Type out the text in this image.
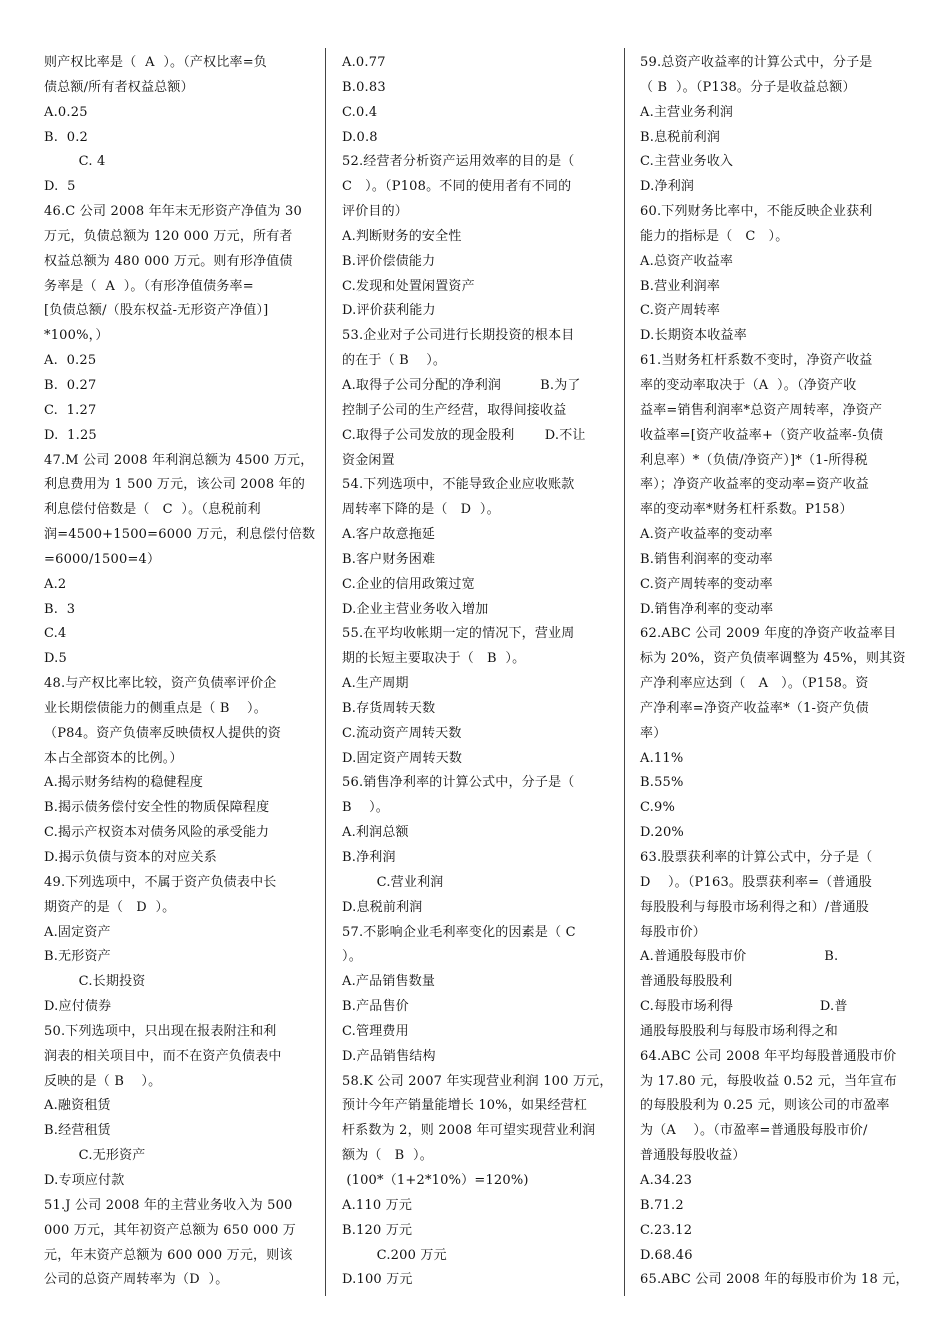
则产权比率是（  A  ）。（产权比率=负
债总额/所有者权益总额）
A.0.25
B.  0.2
C. 4
D.  5
46.C 公司 2008 年年末无形资产净值为 30
万元，负债总额为 120 000 万元，所有者
权益总额为 480 000 万元。则有形净值债
务率是（  A  ）。（有形净值债务率=
[负债总额/（股东权益-无形资产净值）]
*100%，）
A.  0.25
B.  0.27
C.  1.27
D.  1.25
47.M 公司 2008 年利润总额为 4500 万元，
利息费用为 1 500 万元，该公司 2008 年的
利息偿付倍数是（   C  ）。（息税前利
润=4500+1500=6000 万元，利息偿付倍数
=6000/1500=4）
A.2
B.  3
C.4
D.5
48.与产权比率比较，资产负债率评价企
业长期偿债能力的侧重点是（ B    ）。
（P84。资产负债率反映债权人提供的资
本占全部资本的比例。）
A.揭示财务结构的稳健程度
B.揭示债务偿付安全性的物质保障程度
C.揭示产权资本对债务风险的承受能力
D.揭示负债与资本的对应关系
49.下列选项中，不属于资产负债表中长
期资产的是（   D  ）。
A.固定资产
B.无形资产
C.长期投资
D.应付债券
50.下列选项中，只出现在报表附注和利
润表的相关项目中，而不在资产负债表中
反映的是（ B    ）。
A.融资租赁
B.经营租赁
C.无形资产
D.专项应付款
51.J 公司 2008 年的主营业务收入为 500
000 万元，其年初资产总额为 650 000 万
元，年末资产总额为 600 000 万元，则该
公司的总资产周转率为（D  ）。
A.0.77
B.0.83
C.0.4
D.0.8
52.经营者分析资产运用效率的目的是（
C   ）。（P108。不同的使用者有不同的
评价目的）
A.判断财务的安全性
B.评价偿债能力
C.发现和处置闲置资产
D.评价获利能力
53.企业对子公司进行长期投资的根本目
的在于（ B    ）。
A.取得子公司分配的净利润         B.为了
控制子公司的生产经营，取得间接收益
C.取得子公司发放的现金股利       D.不让
资金闲置
54.下列选项中，不能导致企业应收账款
周转率下降的是（   D  ）。
A.客户故意拖延
B.客户财务困难
C.企业的信用政策过宽
D.企业主营业务收入增加
55.在平均收帐期一定的情况下，营业周
期的长短主要取决于（   B  ）。
A.生产周期
B.存货周转天数
C.流动资产周转天数
D.固定资产周转天数
56.销售净利率的计算公式中，分子是（
B    ）。
A.利润总额
B.净利润
C.营业利润
D.息税前利润
57.不影响企业毛利率变化的因素是（ C
）。
A.产品销售数量
B.产品售价
C.管理费用
D.产品销售结构
58.K 公司 2007 年实现营业利润 100 万元，
预计今年产销量能增长 10%，如果经营杠
杆系数为 2，则 2008 年可望实现营业利润
额为（   B  ）。
(100*（1+2*10%）=120%)
A.110 万元
B.120 万元
C.200 万元
D.100 万元
59.总资产收益率的计算公式中，分子是
（ B  ）。（P138。分子是收益总额）
A.主营业务利润
B.息税前利润
C.主营业务收入
D.净利润
60.下列财务比率中，不能反映企业获利
能力的指标是（   C   ）。
A.总资产收益率
B.营业利润率
C.资产周转率
D.长期资本收益率
61.当财务杠杆系数不变时，净资产收益
率的变动率取决于（A  ）。（净资产收
益率=销售利润率*总资产周转率，净资产
收益率=[资产收益率+（资产收益率-负债
利息率）*（负债/净资产）]*（1-所得税
率）；净资产收益率的变动率=资产收益
率的变动率*财务杠杆系数。P158）
A.资产收益率的变动率
B.销售利润率的变动率
C.资产周转率的变动率
D.销售净利率的变动率
62.ABC 公司 2009 年度的净资产收益率目
标为 20%，资产负债率调整为 45%，则其资
产净利率应达到（   A   ）。（P158。资
产净利率=净资产收益率*（1-资产负债
率）
A.11%
B.55%
C.9%
D.20%
63.股票获利率的计算公式中，分子是（
D    ）。（P163。股票获利率=（普通股
每股股利与每股市场利得之和）/普通股
每股市价）
A.普通股每股市价                  B.
普通股每股股利
C.每股市场利得                    D.普
通股每股股利与每股市场利得之和
64.ABC 公司 2008 年平均每股普通股市价
为 17.80 元，每股收益 0.52 元，当年宣布
的每股股利为 0.25 元，则该公司的市盈率
为（A    ）。（市盈率=普通股每股市价/
普通股每股收益）
A.34.23
B.71.2
C.23.12
D.68.46
65.ABC 公司 2008 年的每股市价为 18 元，
